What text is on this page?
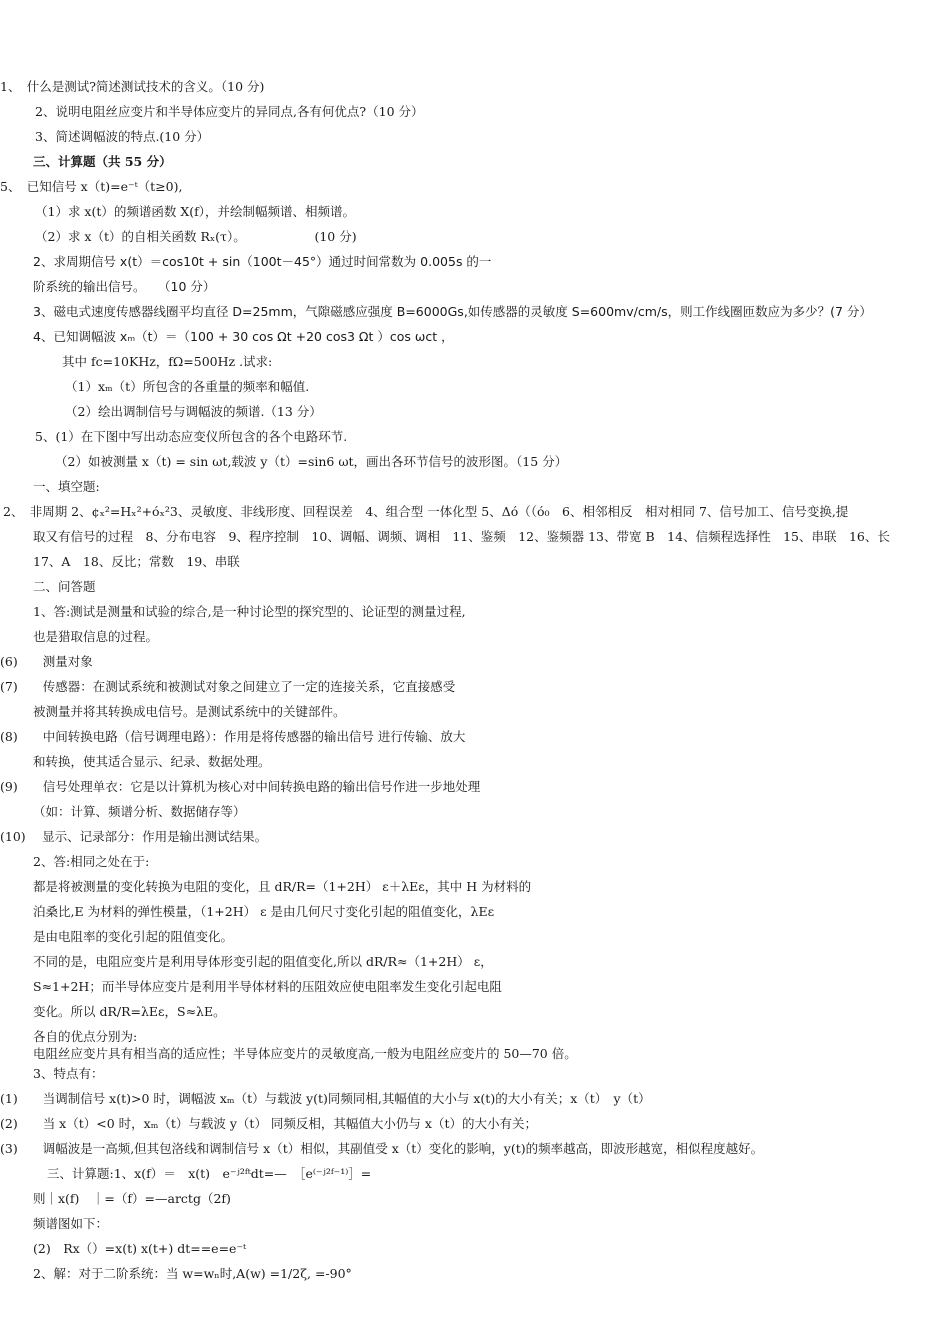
1、　什么是测试?简述测试技术的含义。（10 分)
2、说明电阻丝应变片和半导体应变片的异同点,各有何优点?（10 分）
3、简述调幅波的特点.(10 分）
三、计算题（共 55 分）
5、　已知信号 x（t)=e⁻ᵗ（t≥0),
（1）求 x(t）的频谱函数 X(f），并绘制幅频谱、相频谱。
（2）求 x（t）的自相关函数 Rₓ(τ）。　　　　　　(10 分)
2、求周期信号 x(t）＝cos10t + sin（100t－45°）通过时间常数为 0.005s 的一
阶系统的输出信号。　　（10 分）
3、磁电式速度传感器线圈平均直径 D=25mm，气隙磁感应强度 B=6000Gs,如传感器的灵敏度 S=600mv/cm/s，则工作线圈匝数应为多少？(7 分）
4、已知调幅波 xₘ（t）＝（100 + 30 cos Ωt +20 cos3 Ωt ）cos ωct ，
其中 fc=10KHz，fΩ=500Hz .试求:
（1）xₘ（t）所包含的各重量的频率和幅值.
（2）绘出调制信号与调幅波的频谱.（13 分）
5、(1）在下图中写出动态应变仪所包含的各个电路环节.
（2）如被测量 x（t) = sin ωt,载波 y（t）=sin6 ωt，画出各环节信号的波形图。（15 分）
一、填空题:
2、　非周期 2、¢ₓ²=Hₓ²+óₓ²3、灵敏度、非线形度、回程误差　4、组合型 一体化型 5、Δó（（ó₀　6、相邻相反　相对相同 7、信号加工、信号变换,提
取又有信号的过程　8、分布电容　9、程序控制　10、调幅、调频、调相　11、鉴频　12、鉴频器 13、带宽 B　14、信频程选择性　15、串联　16、长
17、A　18、反比；常数　19、串联
二、问答题
1、答:测试是测量和试验的综合,是一种讨论型的探究型的、论证型的测量过程,
也是猎取信息的过程。
(6)　　测量对象
(7)　　传感器：在测试系统和被测试对象之间建立了一定的连接关系，它直接感受
被测量并将其转换成电信号。是测试系统中的关键部件。
(8)　　中间转换电路（信号调理电路）：作用是将传感器的输出信号 进行传输、放大
和转换，使其适合显示、纪录、数据处理。
(9)　　信号处理单衣：它是以计算机为核心对中间转换电路的输出信号作进一步地处理
（如：计算、频谱分析、数据储存等）
(10)　 显示、记录部分：作用是输出测试结果。
2、答:相同之处在于:
都是将被测量的变化转换为电阻的变化，且 dR/R=（1+2H） ε＋λEε，其中 H 为材料的
泊桑比,E 为材料的弹性模量，（1+2H） ε 是由几何尺寸变化引起的阻值变化，λEε
是由电阻率的变化引起的阻值变化。
不同的是，电阻应变片是利用导体形变引起的阻值变化,所以 dR/R≈（1+2H） ε，
S≈1+2H；而半导体应变片是利用半导体材料的压阻效应使电阻率发生变化引起电阻
变化。所以 dR/R=λEε，S≈λE。
各自的优点分别为:
电阻丝应变片具有相当高的适应性；半导体应变片的灵敏度高,一般为电阻丝应变片的 50—70 倍。
3、特点有：
(1)　　当调制信号 x(t)>0 时，调幅波 xₘ（t）与载波 y(t)同频同相,其幅值的大小与 x(t)的大小有关；x（t）　y（t）
(2)　　当 x（t）<0 时，xₘ（t）与载波 y（t） 同频反相，其幅值大小仍与 x（t）的大小有关；
(3)　　调幅波是一高频,但其包洛线和调制信号 x（t）相似，其副值受 x（t）变化的影响，y(t)的频率越高，即波形越宽，相似程度越好。
三、计算题:1、x(f）＝　x(t)　e⁻ʲ²ᶠᵗdt=—　［e⁽⁻ʲ²ᶠ⁻¹⁾］=
则｜x(f)　｜=（f）=—arctg（2f)
频谱图如下：
(2)　Rx（）=x(t) x(t+) dt==e=e⁻ᵗ
2、解：对于二阶系统：当 w=wₙ时,A(w) =1/2ζ, =-90°
